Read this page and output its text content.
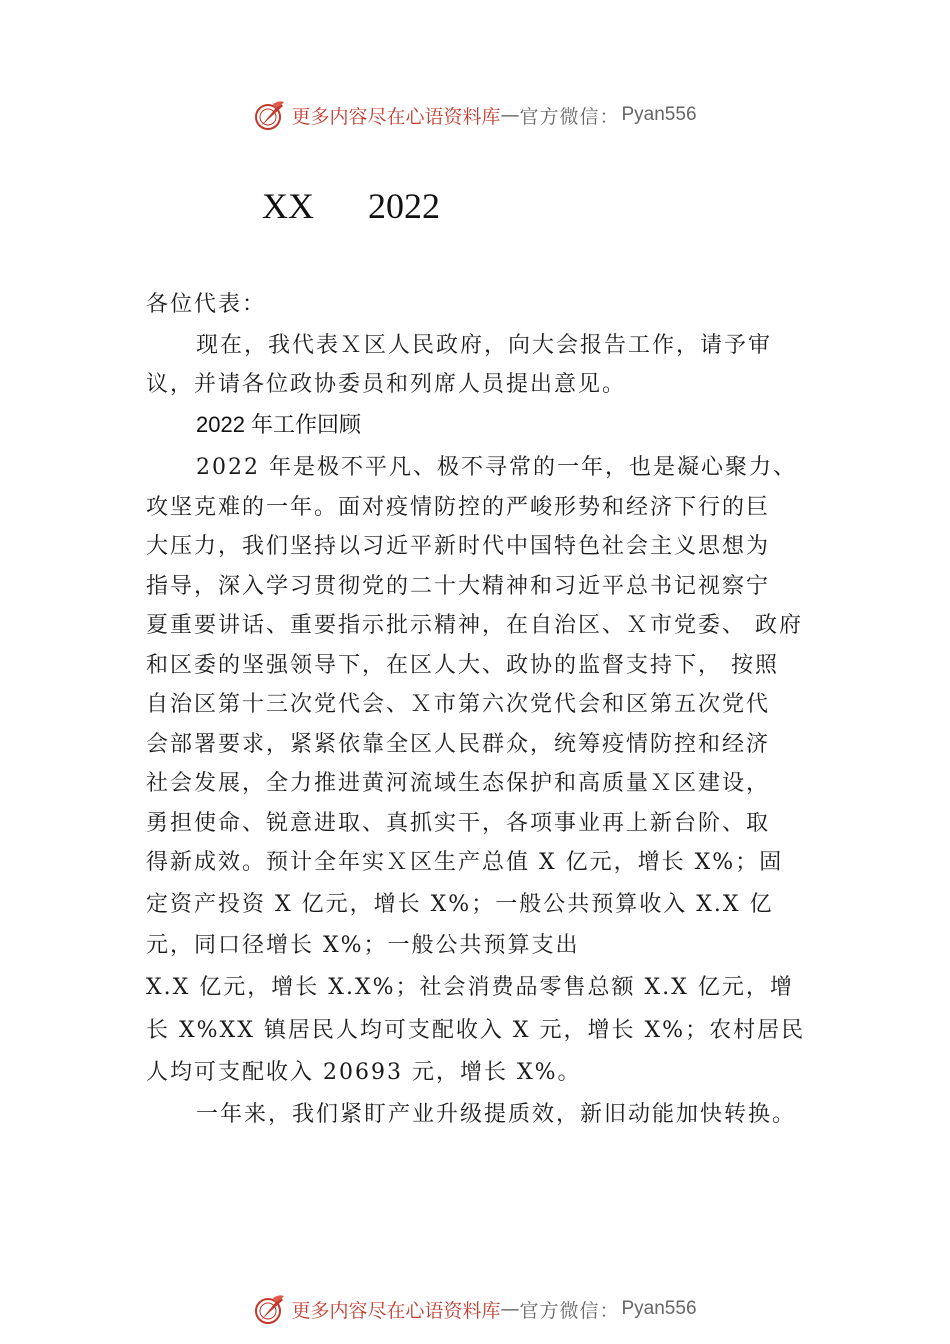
更多内容尽在心语资料库 — 官方微信： Pyan556
XX      2022
各位代表：
现在，我代表Ｘ区人民政府，向大会报告工作，请予审
议，并请各位政协委员和列席人员提出意见。
2022 年工作回顾
2022 年是极不平凡、极不寻常的一年，也是凝心聚力、
攻坚克难的一年。面对疫情防控的严峻形势和经济下行的巨
大压力，我们坚持以习近平新时代中国特色社会主义思想为
指导，深入学习贯彻党的二十大精神和习近平总书记视察宁
夏重要讲话、重要指示批示精神，在自治区、Ｘ市党委、 政府
和区委的坚强领导下，在区人大、政协的监督支持下， 按照
自治区第十三次党代会、Ｘ市第六次党代会和区第五次党代
会部署要求，紧紧依靠全区人民群众，统筹疫情防控和经济
社会发展，全力推进黄河流域生态保护和高质量Ｘ区建设，
勇担使命、锐意进取、真抓实干，各项事业再上新台阶、取
得新成效。预计全年实Ｘ区生产总值 X 亿元，增长 X%；固
定资产投资 X 亿元，增长 X%；一般公共预算收入 X.X 亿
元，同口径增长 X%；一般公共预算支出
X.X 亿元，增长 X.X%；社会消费品零售总额 X.X 亿元，增
长 X%XX 镇居民人均可支配收入 X 元，增长 X%；农村居民
人均可支配收入 20693 元，增长 X%。
一年来，我们紧盯产业升级提质效，新旧动能加快转换。
更多内容尽在心语资料库 — 官方微信： Pyan556
